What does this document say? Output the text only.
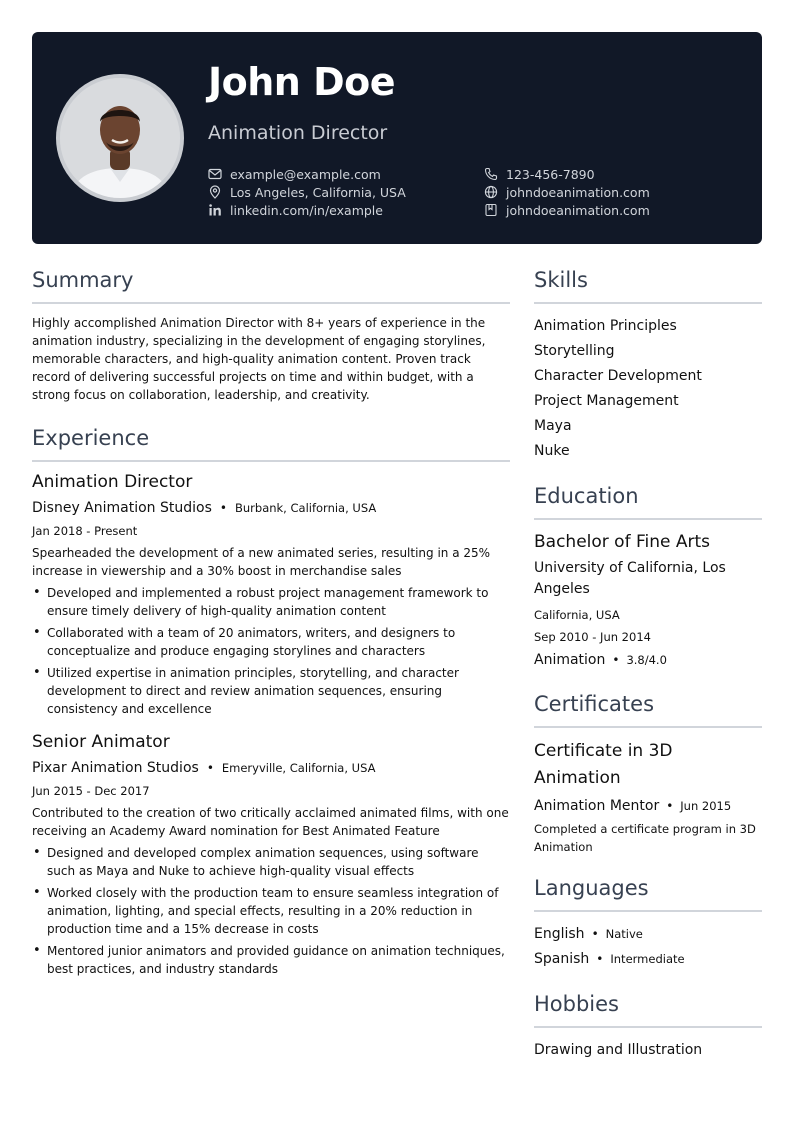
John Doe
Animation Director
example@example.com
Los Angeles, California, USA
linkedin.com/in/example
123-456-7890
johndoeanimation.com
johndoeanimation.com
Summary

Highly accomplished Animation Director with 8+ years of experience in the animation industry, specializing in the development of engaging storylines, memorable characters, and high-quality animation content. Proven track record of delivering successful projects on time and within budget, with a strong focus on collaboration, leadership, and creativity.

Experience
Animation Director
Disney Animation Studios • Burbank, California, USA
Jan 2018 - Present
Spearheaded the development of a new animated series, resulting in a 25% increase in viewership and a 30% boost in merchandise sales
• Developed and implemented a robust project management framework to ensure timely delivery of high-quality animation content
• Collaborated with a team of 20 animators, writers, and designers to conceptualize and produce engaging storylines and characters
• Utilized expertise in animation principles, storytelling, and character development to direct and review animation sequences, ensuring consistency and excellence
Senior Animator
Pixar Animation Studios • Emeryville, California, USA
Jun 2015 - Dec 2017
Contributed to the creation of two critically acclaimed animated films, with one receiving an Academy Award nomination for Best Animated Feature
• Designed and developed complex animation sequences, using software such as Maya and Nuke to achieve high-quality visual effects
• Worked closely with the production team to ensure seamless integration of animation, lighting, and special effects, resulting in a 20% reduction in production time and a 15% decrease in costs
• Mentored junior animators and provided guidance on animation techniques, best practices, and industry standards
Skills
Animation Principles
Storytelling
Character Development
Project Management
Maya
Nuke
Education
Bachelor of Fine Arts
University of California, Los Angeles
California, USA
Sep 2010 - Jun 2014
Animation • 3.8/4.0
Certificates
Certificate in 3D Animation
Animation Mentor • Jun 2015
Completed a certificate program in 3D Animation
Languages
English • Native
Spanish • Intermediate
Hobbies
Drawing and Illustration
